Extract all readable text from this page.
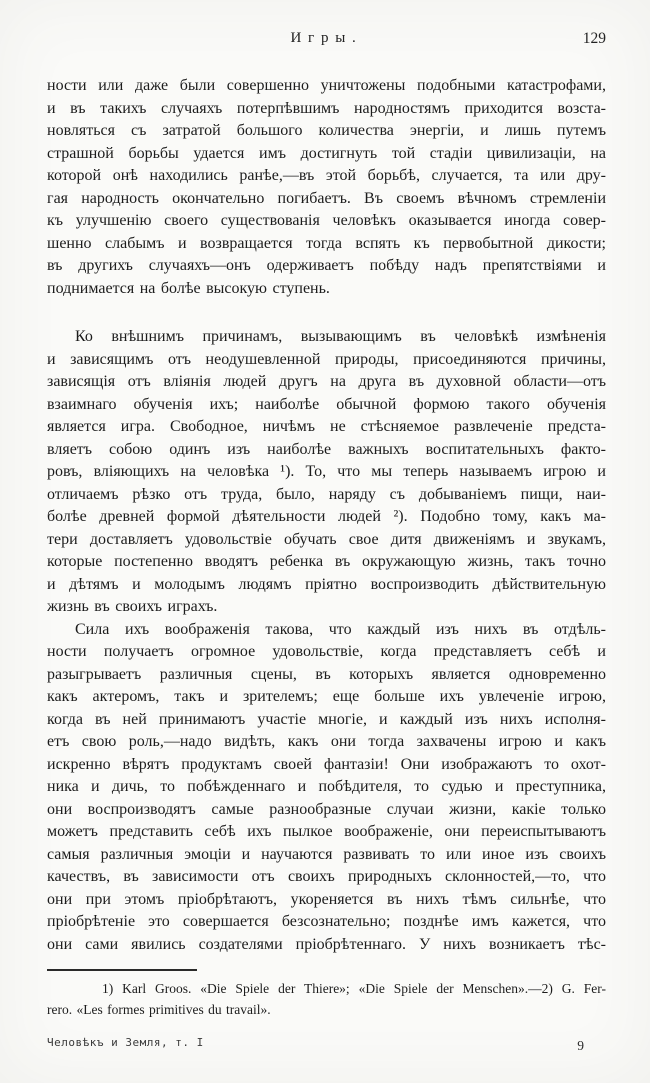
Игры.	129
ности или даже были совершенно уничтожены подобными катастрофами,
и въ такихъ случаяхъ потерпѣвшимъ народностямъ приходится возста-
новляться съ затратой большого количества энергіи, и лишь путемъ
страшной борьбы удается имъ достигнуть той стадіи цивилизаціи, на
которой онѣ находились ранѣе,—въ этой борьбѣ, случается, та или дру-
гая народность окончательно погибаетъ. Въ своемъ вѣчномъ стремленіи
къ улучшенію своего существованія человѣкъ оказывается иногда совер-
шенно слабымъ и возвращается тогда вспять къ первобытной дикости;
въ другихъ случаяхъ—онъ одерживаетъ побѣду надъ препятствіями и
поднимается на болѣе высокую ступень.
Ко внѣшнимъ причинамъ, вызывающимъ въ человѣкѣ измѣненія
и зависящимъ отъ неодушевленной природы, присоединяются причины,
зависящія отъ вліянія людей другъ на друга въ духовной области—отъ
взаимнаго обученія ихъ; наиболѣе обычной формою такого обученія
является игра. Свободное, ничѣмъ не стѣсняемое развлеченіе предста-
вляетъ собою одинъ изъ наиболѣе важныхъ воспитательныхъ факто-
ровъ, вліяющихъ на человѣка ¹). То, что мы теперь называемъ игрою и
отличаемъ рѣзко отъ труда, было, наряду съ добываніемъ пищи, наи-
болѣе древней формой дѣятельности людей ²). Подобно тому, какъ ма-
тери доставляетъ удовольствіе обучать свое дитя движеніямъ и звукамъ,
которые постепенно вводятъ ребенка въ окружающую жизнь, такъ точно
и дѣтямъ и молодымъ людямъ пріятно воспроизводить дѣйствительную
жизнь въ своихъ играхъ.
Сила ихъ воображенія такова, что каждый изъ нихъ въ отдѣль-
ности получаетъ огромное удовольствіе, когда представляетъ себѣ и
разыгрываетъ различныя сцены, въ которыхъ является одновременно
какъ актеромъ, такъ и зрителемъ; еще больше ихъ увлеченіе игрою,
когда въ ней принимаютъ участіе многіе, и каждый изъ нихъ исполня-
етъ свою роль,—надо видѣть, какъ они тогда захвачены игрою и какъ
искренно вѣрятъ продуктамъ своей фантазіи! Они изображаютъ то охот-
ника и дичь, то побѣжденнаго и побѣдителя, то судью и преступника,
они воспроизводятъ самые разнообразные случаи жизни, какіе только
можетъ представить себѣ ихъ пылкое воображеніе, они переиспытываютъ
самыя различныя эмоціи и научаются развивать то или иное изъ своихъ
качествъ, въ зависимости отъ своихъ природныхъ склонностей,—то, что
они при этомъ пріобрѣтаютъ, укореняется въ нихъ тѣмъ сильнѣе, что
пріобрѣтеніе это совершается безсознательно; позднѣе имъ кажется, что
они сами явились создателями пріобрѣтеннаго. У нихъ возникаетъ тѣс-
1) Karl Groos. «Die Spiele der Thiere»; «Die Spiele der Menschen».—2) G. Fer-
rero. «Les formes primitives du travail».
Человѣкъ и Земля, т. I	9
